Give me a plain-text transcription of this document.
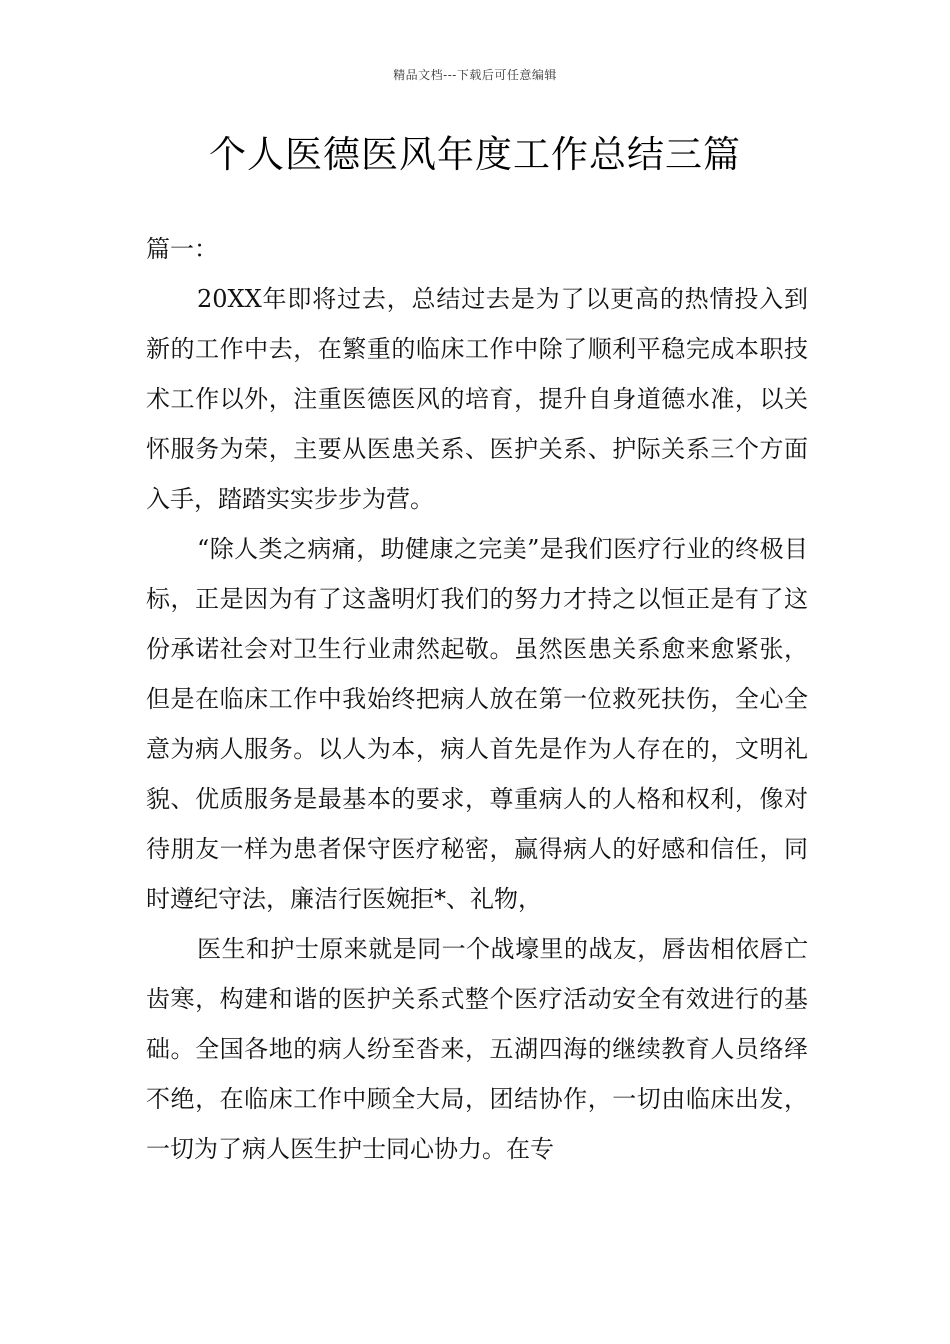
精品文档---下载后可任意编辑
个人医德医风年度工作总结三篇

篇一：

20XX年即将过去，总结过去是为了以更高的热情投入到新的工作中去，在繁重的临床工作中除了顺利平稳完成本职技术工作以外，注重医德医风的培育，提升自身道德水准，以关怀服务为荣，主要从医患关系、医护关系、护际关系三个方面入手，踏踏实实步步为营。

“除人类之病痛，助健康之完美”是我们医疗行业的终极目标，正是因为有了这盏明灯我们的努力才持之以恒正是有了这份承诺社会对卫生行业肃然起敬。虽然医患关系愈来愈紧张，但是在临床工作中我始终把病人放在第一位救死扶伤，全心全意为病人服务。以人为本，病人首先是作为人存在的，文明礼貌、优质服务是最基本的要求，尊重病人的人格和权利，像对待朋友一样为患者保守医疗秘密，赢得病人的好感和信任，同时遵纪守法，廉洁行医婉拒*、礼物，

医生和护士原来就是同一个战壕里的战友，唇齿相依唇亡齿寒，构建和谐的医护关系式整个医疗活动安全有效进行的基础。全国各地的病人纷至沓来，五湖四海的继续教育人员络绎不绝，在临床工作中顾全大局，团结协作，一切由临床出发，一切为了病人医生护士同心协力。在专
